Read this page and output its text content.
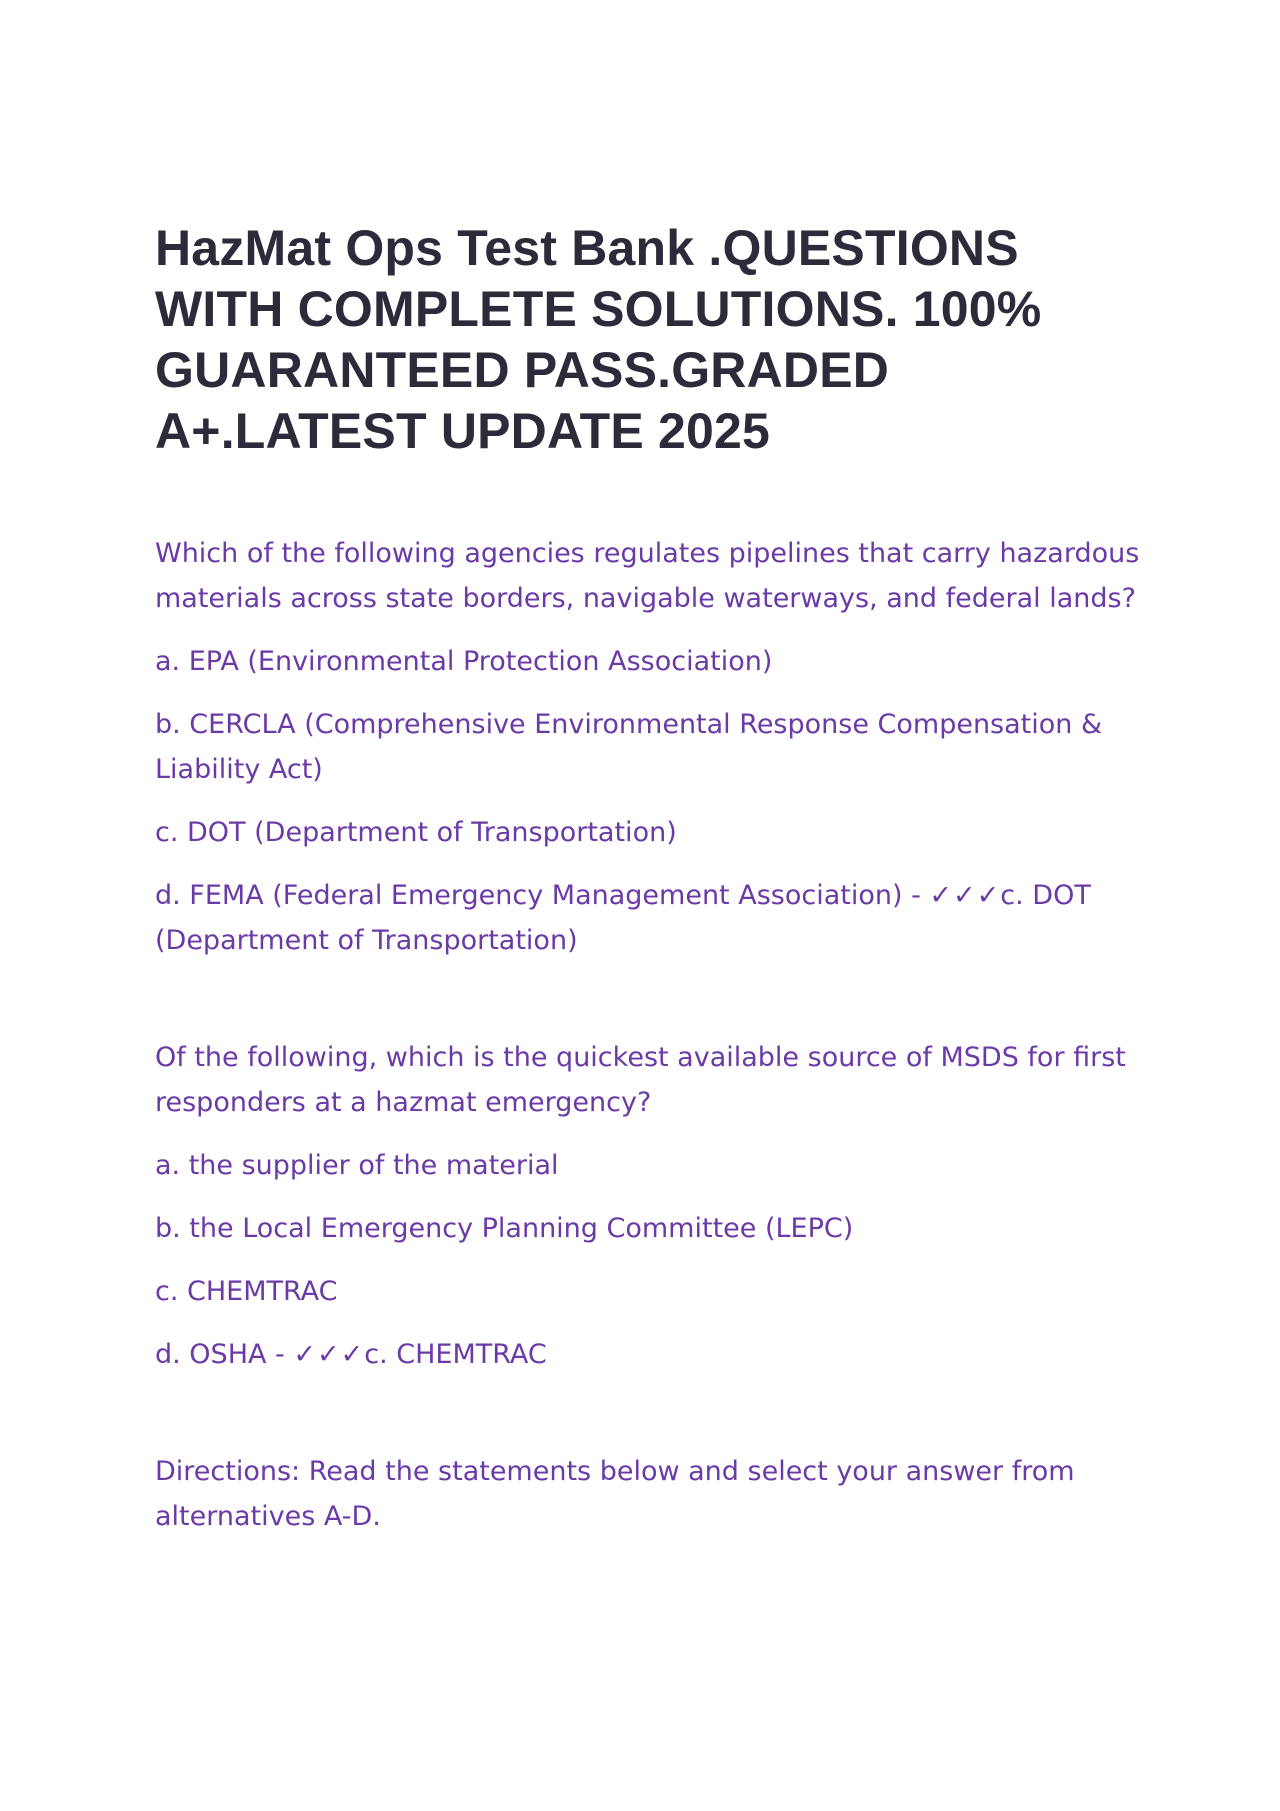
HazMat Ops Test Bank .QUESTIONS WITH COMPLETE SOLUTIONS. 100% GUARANTEED PASS.GRADED A+.LATEST UPDATE 2025

Which of the following agencies regulates pipelines that carry hazardous materials across state borders, navigable waterways, and federal lands?

a. EPA (Environmental Protection Association)

b. CERCLA (Comprehensive Environmental Response Compensation & Liability Act)

c. DOT (Department of Transportation)

d. FEMA (Federal Emergency Management Association) - ✓✓✓c. DOT (Department of Transportation)

Of the following, which is the quickest available source of MSDS for first responders at a hazmat emergency?

a. the supplier of the material

b. the Local Emergency Planning Committee (LEPC)

c. CHEMTRAC

d. OSHA - ✓✓✓c. CHEMTRAC

Directions: Read the statements below and select your answer from alternatives A-D.
